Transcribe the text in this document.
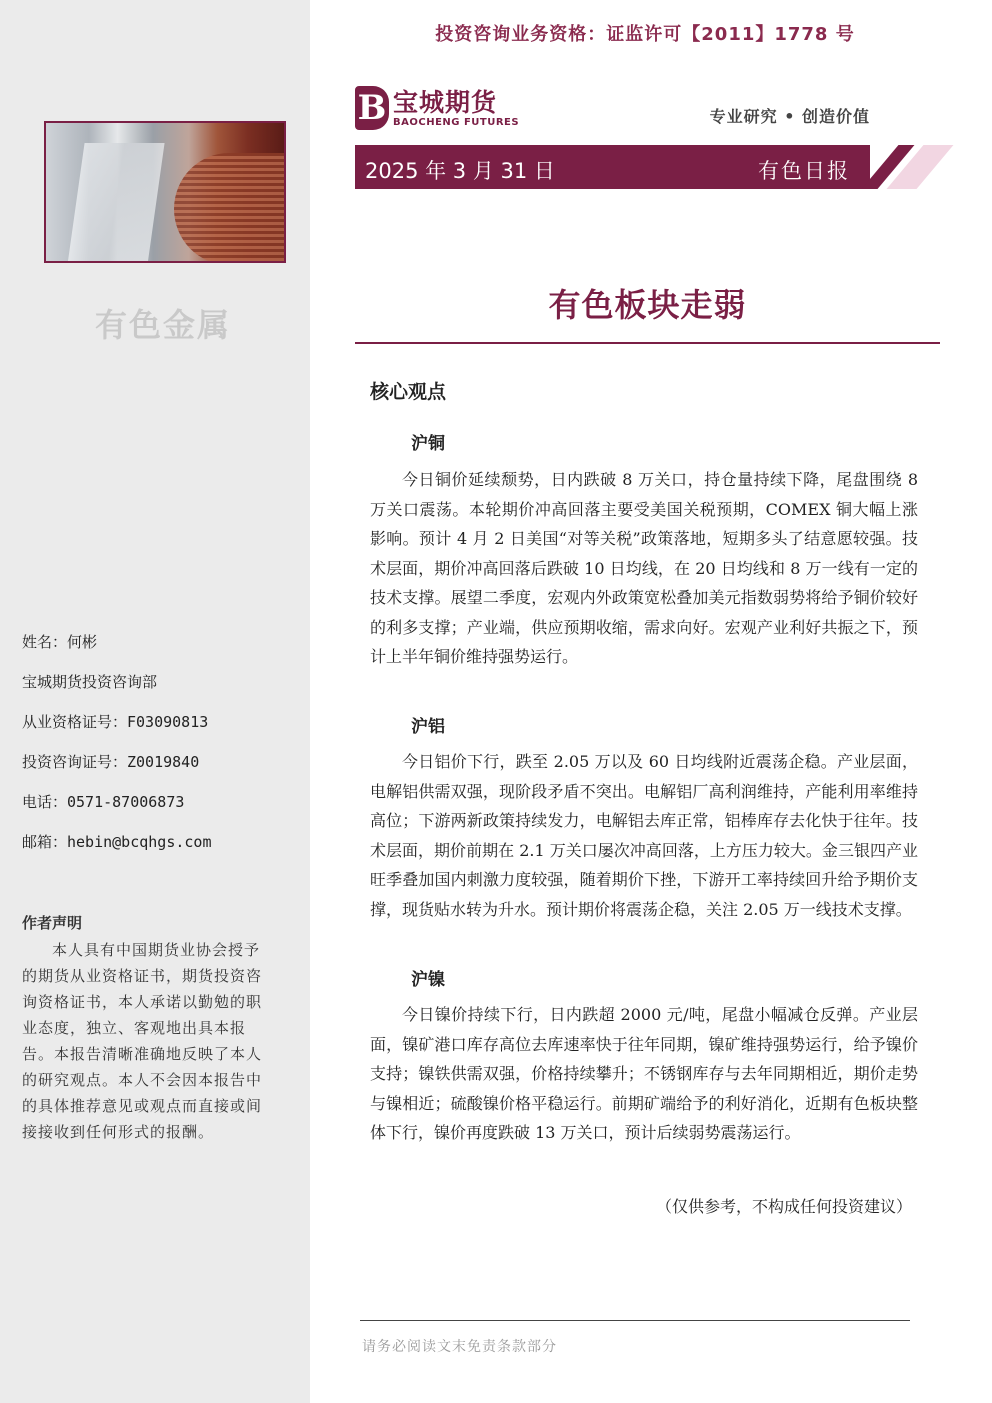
有色金属
姓名：何彬
宝城期货投资咨询部
从业资格证号：F03090813
投资咨询证号：Z0019840
电话：0571-87006873
邮箱：hebin@bcqhgs.com
作者声明
本人具有中国期货业协会授予的期货从业资格证书，期货投资咨询资格证书，本人承诺以勤勉的职业态度，独立、客观地出具本报告。本报告清晰准确地反映了本人的研究观点。本人不会因本报告中的具体推荐意见或观点而直接或间接接收到任何形式的报酬。
投资咨询业务资格：证监许可【2011】1778 号
B 宝城期货
BAOCHENG FUTURES	专业研究 • 创造价值
2025 年 3 月 31 日	有色日报
有色板块走弱
核心观点
沪铜
今日铜价延续颓势，日内跌破 8 万关口，持仓量持续下降，尾盘围绕 8 万关口震荡。本轮期价冲高回落主要受美国关税预期，COMEX 铜大幅上涨影响。预计 4 月 2 日美国“对等关税”政策落地，短期多头了结意愿较强。技术层面，期价冲高回落后跌破 10 日均线，在 20 日均线和 8 万一线有一定的技术支撑。展望二季度，宏观内外政策宽松叠加美元指数弱势将给予铜价较好的利多支撑；产业端，供应预期收缩，需求向好。宏观产业利好共振之下，预计上半年铜价维持强势运行。
沪铝
今日铝价下行，跌至 2.05 万以及 60 日均线附近震荡企稳。产业层面，电解铝供需双强，现阶段矛盾不突出。电解铝厂高利润维持，产能利用率维持高位；下游两新政策持续发力，电解铝去库正常，铝棒库存去化快于往年。技术层面，期价前期在 2.1 万关口屡次冲高回落，上方压力较大。金三银四产业旺季叠加国内刺激力度较强，随着期价下挫，下游开工率持续回升给予期价支撑，现货贴水转为升水。预计期价将震荡企稳，关注 2.05 万一线技术支撑。
沪镍
今日镍价持续下行，日内跌超 2000 元/吨，尾盘小幅减仓反弹。产业层面，镍矿港口库存高位去库速率快于往年同期，镍矿维持强势运行，给予镍价支持；镍铁供需双强，价格持续攀升；不锈钢库存与去年同期相近，期价走势与镍相近；硫酸镍价格平稳运行。前期矿端给予的利好消化，近期有色板块整体下行，镍价再度跌破 13 万关口，预计后续弱势震荡运行。
（仅供参考，不构成任何投资建议）
请务必阅读文末免责条款部分
